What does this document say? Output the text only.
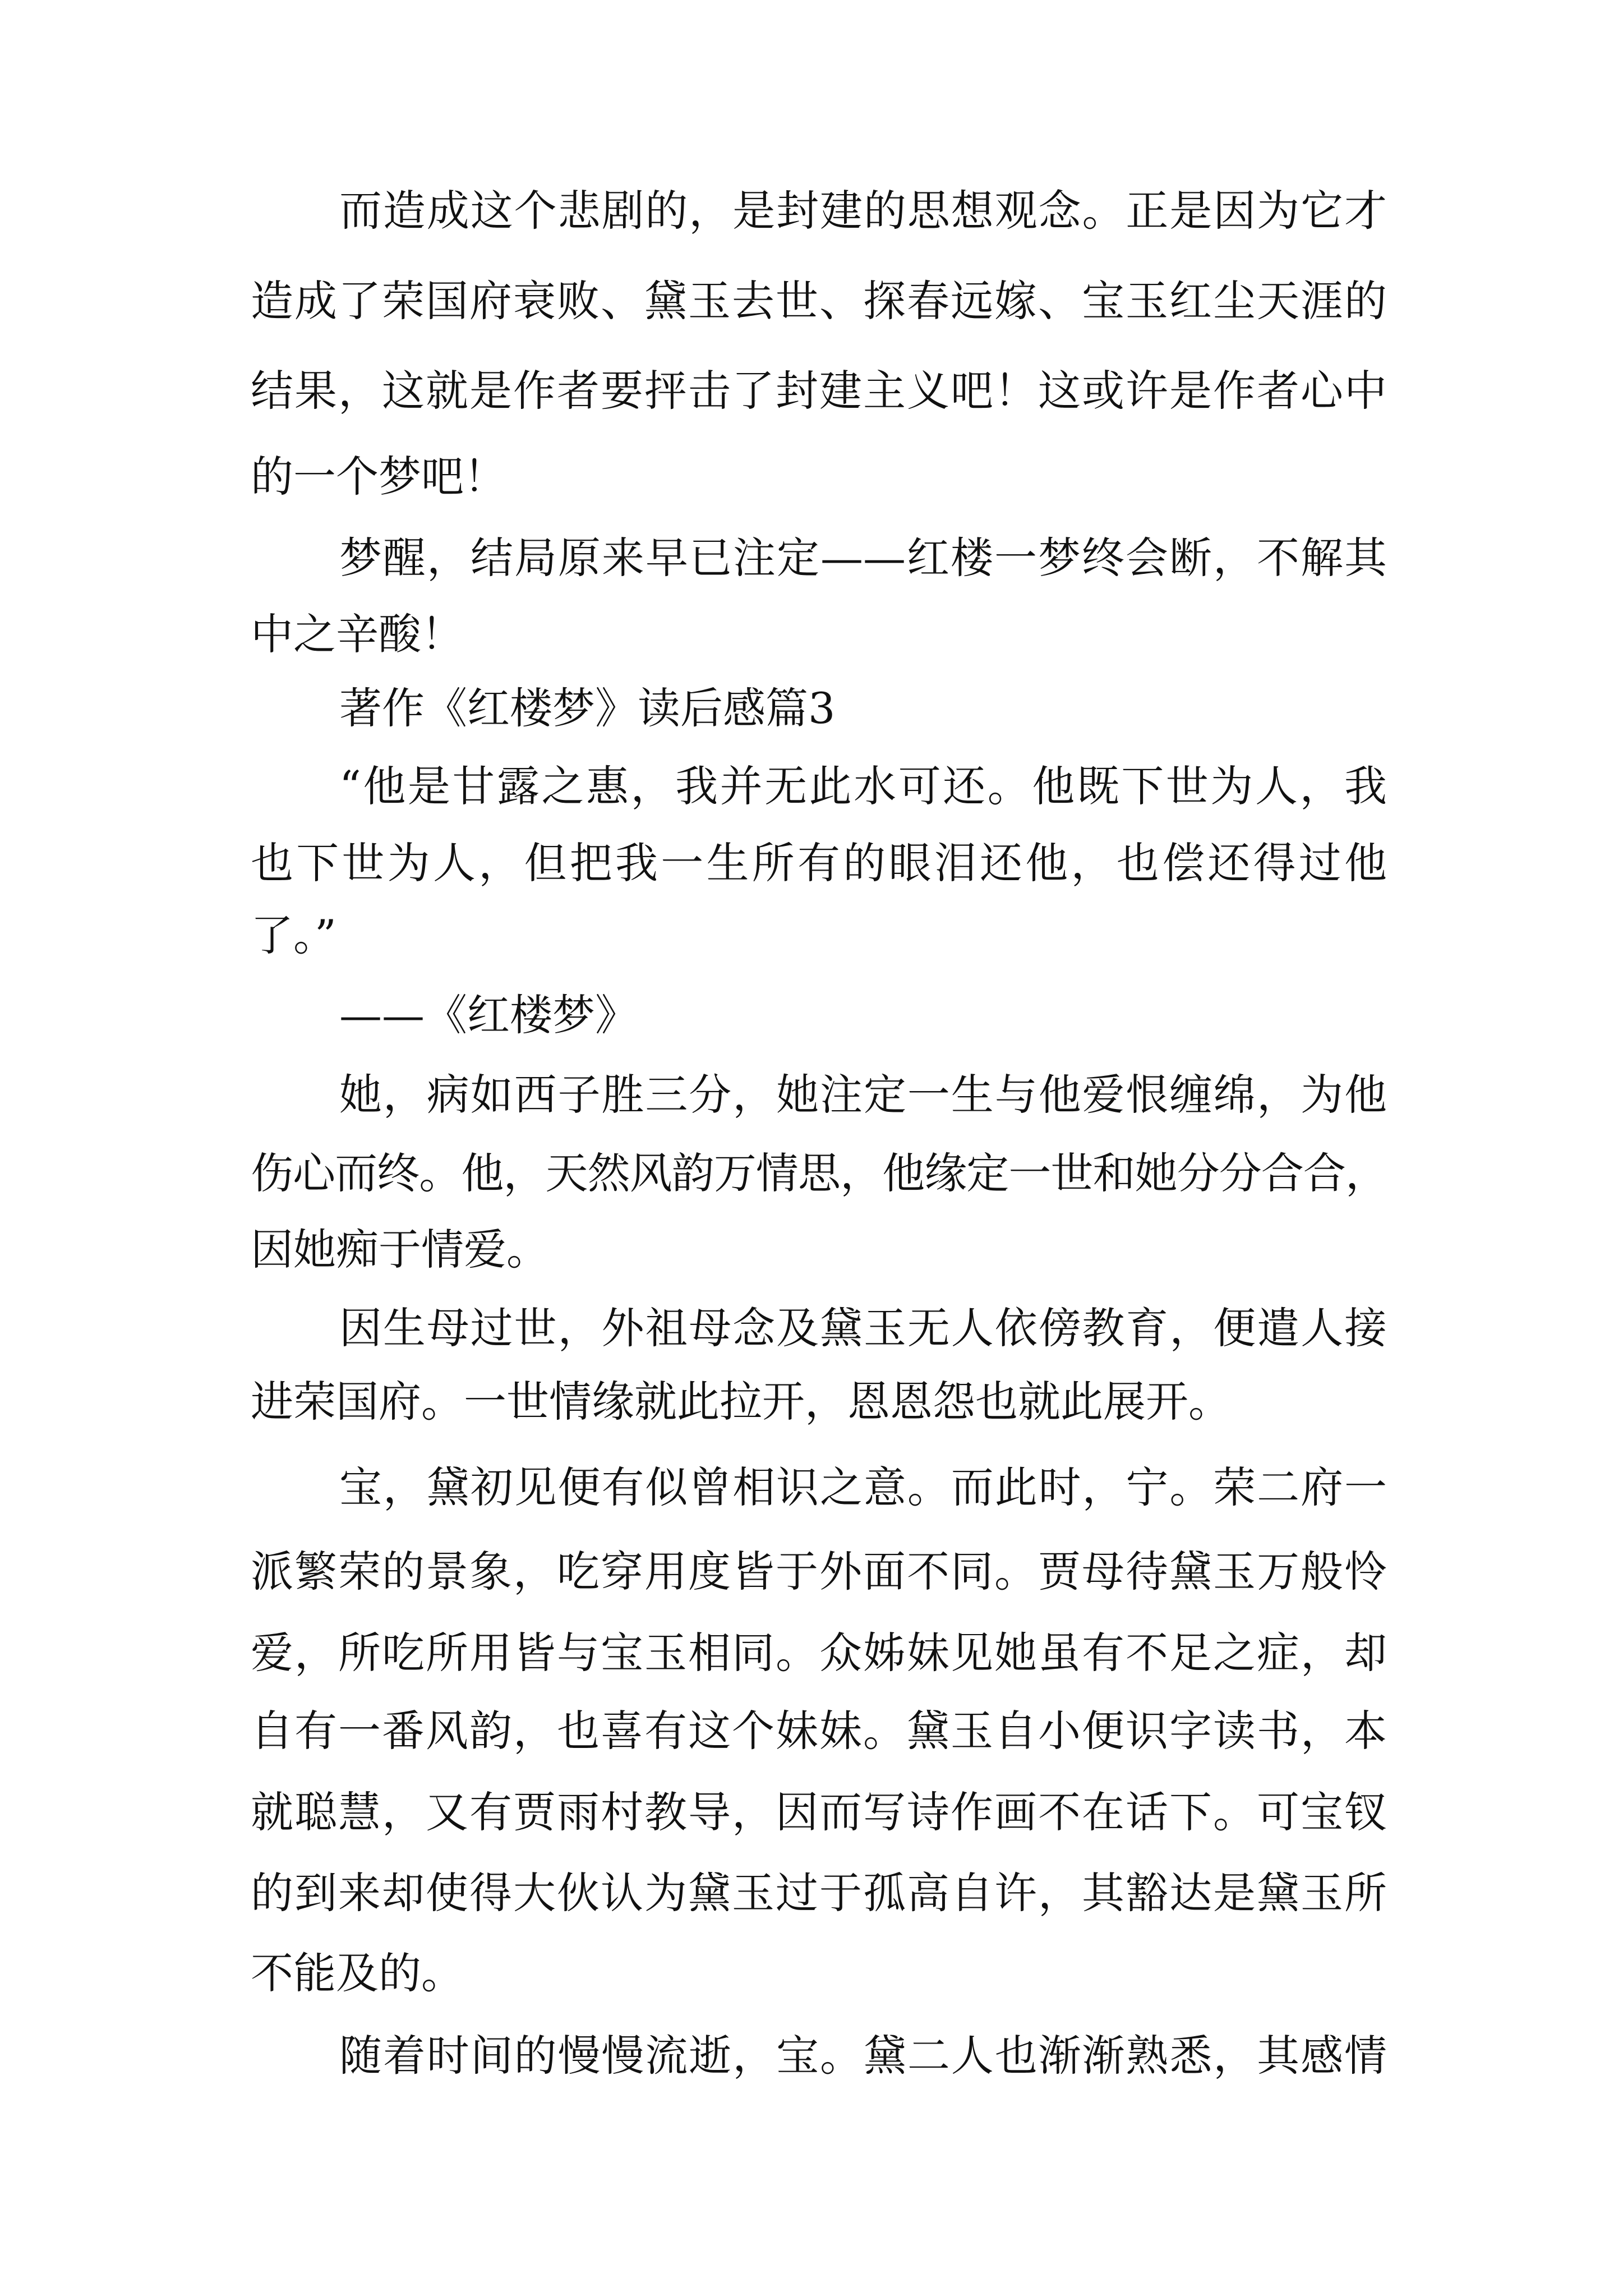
而造成这个悲剧的，是封建的思想观念。正是因为它才
造成了荣国府衰败、黛玉去世、探春远嫁、宝玉红尘天涯的
结果，这就是作者要抨击了封建主义吧！这或许是作者心中
的一个梦吧！
梦醒，结局原来早已注定——红楼一梦终会断，不解其
中之辛酸！
著作《红楼梦》读后感篇3
“他是甘露之惠，我并无此水可还。他既下世为人，我
也下世为人，但把我一生所有的眼泪还他，也偿还得过他
了。”
——《红楼梦》
她，病如西子胜三分，她注定一生与他爱恨缠绵，为他
伤心而终。他，天然风韵万情思，他缘定一世和她分分合合，
因她痴于情爱。
因生母过世，外祖母念及黛玉无人依傍教育，便遣人接
进荣国府。一世情缘就此拉开，恩恩怨也就此展开。
宝，黛初见便有似曾相识之意。而此时，宁。荣二府一
派繁荣的景象，吃穿用度皆于外面不同。贾母待黛玉万般怜
爱，所吃所用皆与宝玉相同。众姊妹见她虽有不足之症，却
自有一番风韵，也喜有这个妹妹。黛玉自小便识字读书，本
就聪慧，又有贾雨村教导，因而写诗作画不在话下。可宝钗
的到来却使得大伙认为黛玉过于孤高自许，其豁达是黛玉所
不能及的。
随着时间的慢慢流逝，宝。黛二人也渐渐熟悉，其感情
